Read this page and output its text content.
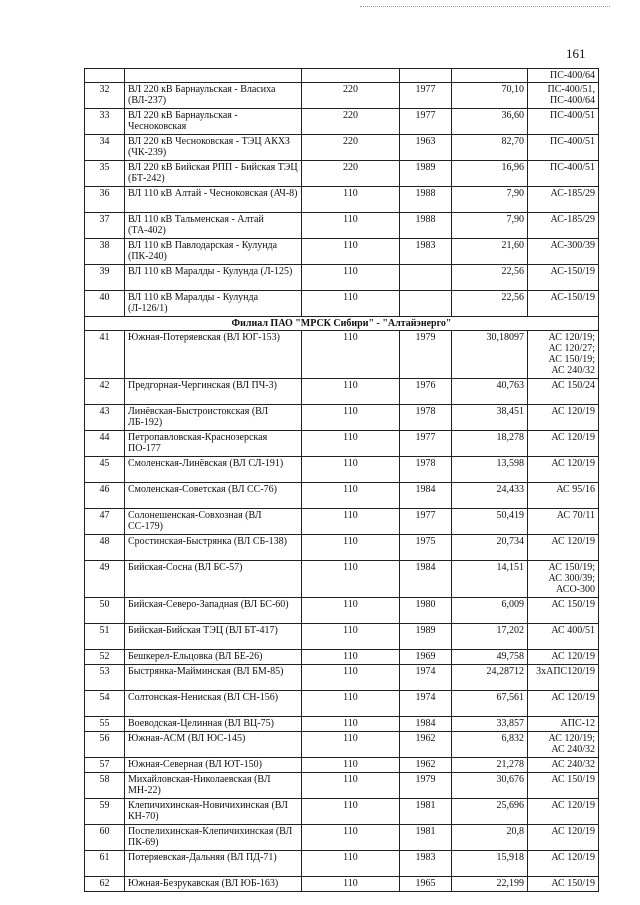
161

					ПС-400/64

32	ВЛ 220 кВ Барнаульская - Власиха (ВЛ-237)	220	1977	70,10	ПС-400/51,
ПС-400/64

33	ВЛ 220 кВ Барнаульская - Чесноковская	220	1977	36,60	ПС-400/51

34	ВЛ 220 кВ Чесноковская - ТЭЦ АКХЗ (ЧК-239)	220	1963	82,70	ПС-400/51

35	ВЛ 220 кВ Бийская РПП - Бийская ТЭЦ (БТ-242)	220	1989	16,96	ПС-400/51

36	ВЛ 110 кВ Алтай - Чесноковская (АЧ-8)	110	1988	7,90	АС-185/29

37	ВЛ 110 кВ Тальменская - Алтай (ТА-402)	110	1988	7,90	АС-185/29

38	ВЛ 110 кВ Павлодарская - Кулунда (ПК-240)	110	1983	21,60	АС-300/39

39	ВЛ 110 кВ Маралды - Кулунда (Л-125)	110		22,56	АС-150/19

40	ВЛ 110 кВ Маралды - Кулунда (Л-126/1)	110		22,56	АС-150/19

Филиал ПАО "МРСК Сибири" - "Алтайэнерго"					
41	Южная-Потеряевская (ВЛ ЮГ-153)	110	1979	30,18097	АС 120/19;
АС 120/27;
АС 150/19;
АС 240/32

42	Предгорная-Чергинская (ВЛ ПЧ-3)	110	1976	40,763	АС 150/24

43	Линёвская-Быстроистокская (ВЛ ЛБ-192)	110	1978	38,451	АС 120/19

44	Петропавловская-Краснозерская ПО-177	110	1977	18,278	АС 120/19

45	Смоленская-Линёвская (ВЛ СЛ-191)	110	1978	13,598	АС 120/19

46	Смоленская-Советская (ВЛ СС-76)	110	1984	24,433	АС 95/16

47	Солонешенская-Совхозная (ВЛ СС-179)	110	1977	50,419	АС 70/11

48	Сростинская-Быстрянка (ВЛ СБ-138)	110	1975	20,734	АС 120/19

49	Бийская-Сосна (ВЛ БС-57)	110	1984	14,151	АС 150/19;
АС 300/39;
АСО-300

50	Бийская-Северо-Западная (ВЛ БС-60)	110	1980	6,009	АС 150/19

51	Бийская-Бийская ТЭЦ (ВЛ БТ-417)	110	1989	17,202	АС 400/51

52	Бешкерел-Ельцовка (ВЛ БЕ-26)	110	1969	49,758	АС 120/19

53	Быстрянка-Майминская (ВЛ БМ-85)	110	1974	24,28712	3хАПС120/19

54	Солтонская-Нениская (ВЛ СН-156)	110	1974	67,561	АС 120/19

55	Воеводская-Целинная (ВЛ ВЦ-75)	110	1984	33,857	АПС-12

56	Южная-АСМ (ВЛ ЮС-145)	110	1962	6,832	АС 120/19;
АС 240/32

57	Южная-Северная (ВЛ ЮТ-150)	110	1962	21,278	АС 240/32

58	Михайловская-Николаевская (ВЛ МН-22)	110	1979	30,676	АС 150/19

59	Клепичихинская-Новичихинская (ВЛ КН-70)	110	1981	25,696	АС 120/19

60	Поспелихинская-Клепичихинская (ВЛ ПК-69)	110	1981	20,8	АС 120/19

61	Потеряевская-Дальняя (ВЛ ПД-71)	110	1983	15,918	АС 120/19

62	Южная-Безрукавская (ВЛ ЮБ-163)	110	1965	22,199	АС 150/19
